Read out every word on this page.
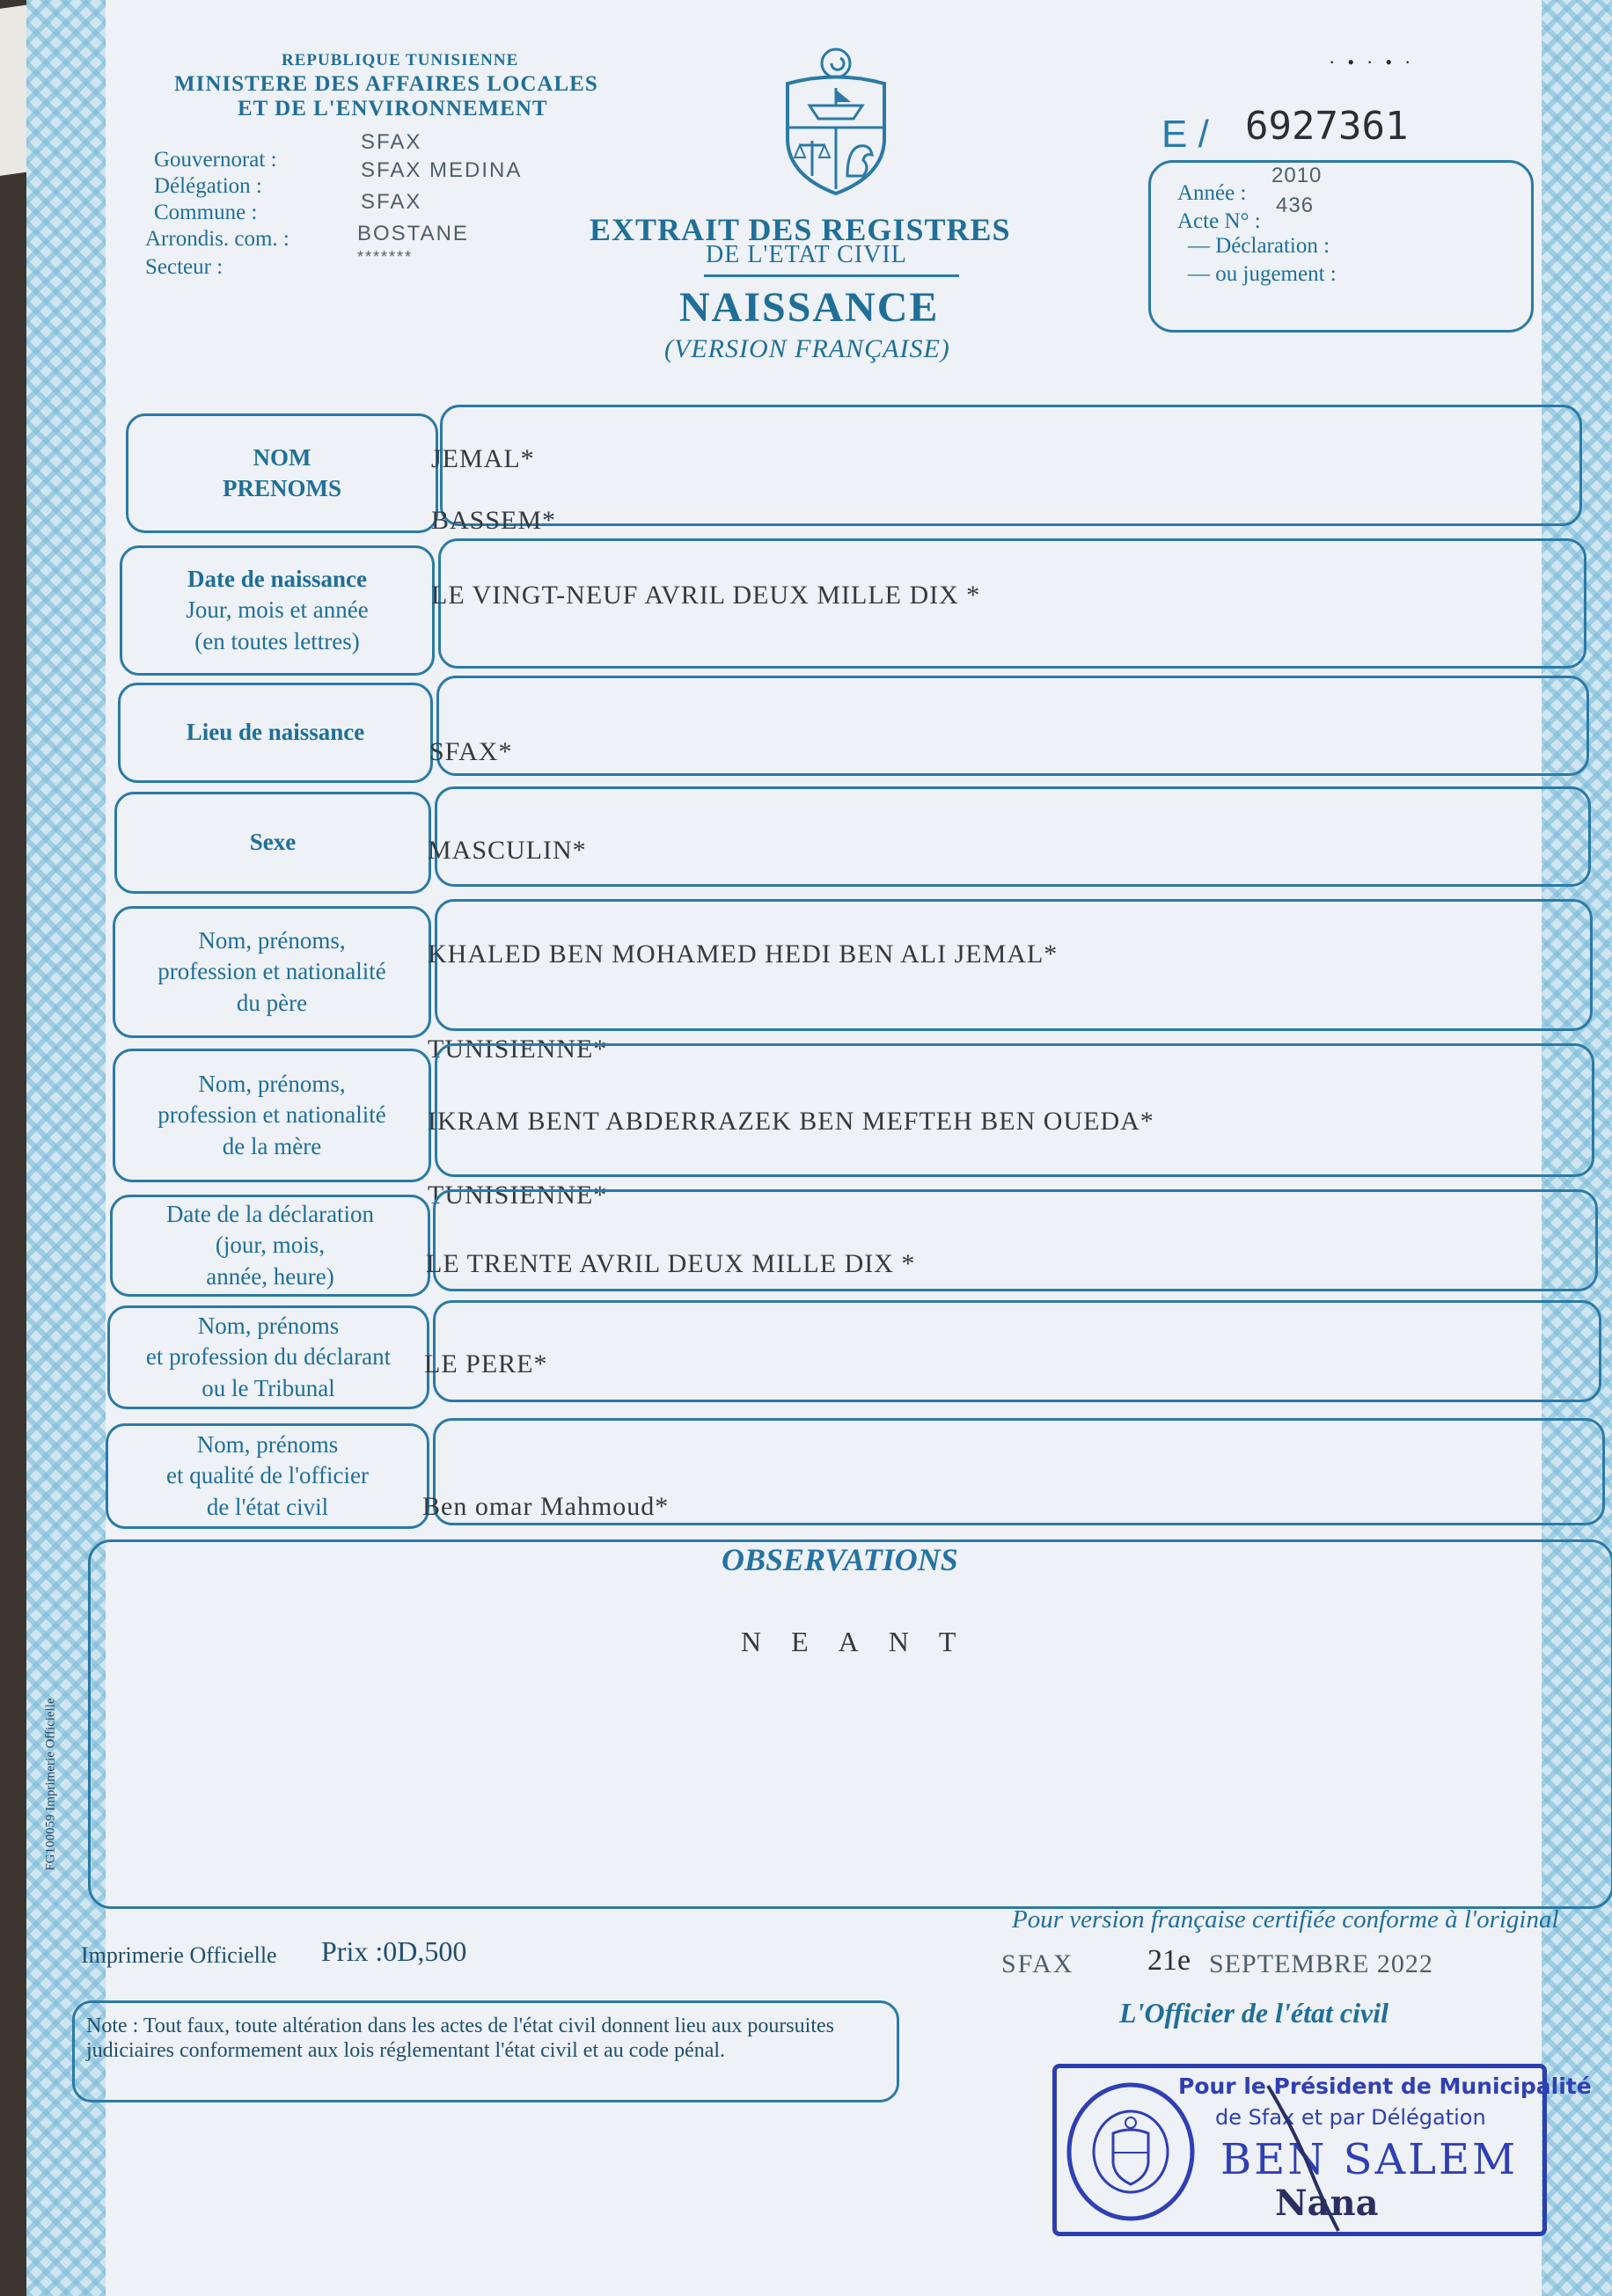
REPUBLIQUE TUNISIENNE
MINISTERE DES AFFAIRES LOCALES
ET DE L'ENVIRONNEMENT
Gouvernorat :
SFAX
Délégation :
SFAX MEDINA
Commune :	SFAX
Arrondis. com. :	BOSTANE
Secteur :	*******
EXTRAIT DES REGISTRES
DE L'ETAT CIVIL
NAISSANCE
(VERSION FRANÇAISE)
E / 6927361
·•·•·
Année :
2010
Acte N° :
436
— Déclaration :
— ou jugement :
NOM
PRENOMS
JEMAL*
BASSEM*
Date de naissance
Jour, mois et année
(en toutes lettres)
LE VINGT-NEUF AVRIL DEUX MILLE DIX *
Lieu de naissance
SFAX*
Sexe	MASCULIN*
Nom, prénoms,
profession et nationalité
du père
KHALED BEN MOHAMED HEDI BEN ALI JEMAL*
TUNISIENNE*
Nom, prénoms,
profession et nationalité
de la mère
IKRAM BENT ABDERRAZEK BEN MEFTEH BEN OUEDA*
TUNISIENNE*
Date de la déclaration
(jour, mois,
année, heure)	LE TRENTE AVRIL DEUX MILLE DIX *
Nom, prénoms
et profession du déclarant
ou le Tribunal
LE PERE*
Nom, prénoms
et qualité de l'officier
de l'état civil	Ben omar Mahmoud*
OBSERVATIONS
NEANT
FG100059 Imprimerie Officielle
Imprimerie Officielle Prix :0D,500
Pour version française certifiée conforme à l'original
SFAX 21e SEPTEMBRE 2022
L'Officier de l'état civil
Note : Tout faux, toute altération dans les actes de l'état civil donnent lieu aux poursuites judiciaires conformement aux lois réglementant l'état civil et au code pénal.
Pour le Président de Municipalité
de Sfax et par Délégation
BEN SALEM
Nana
